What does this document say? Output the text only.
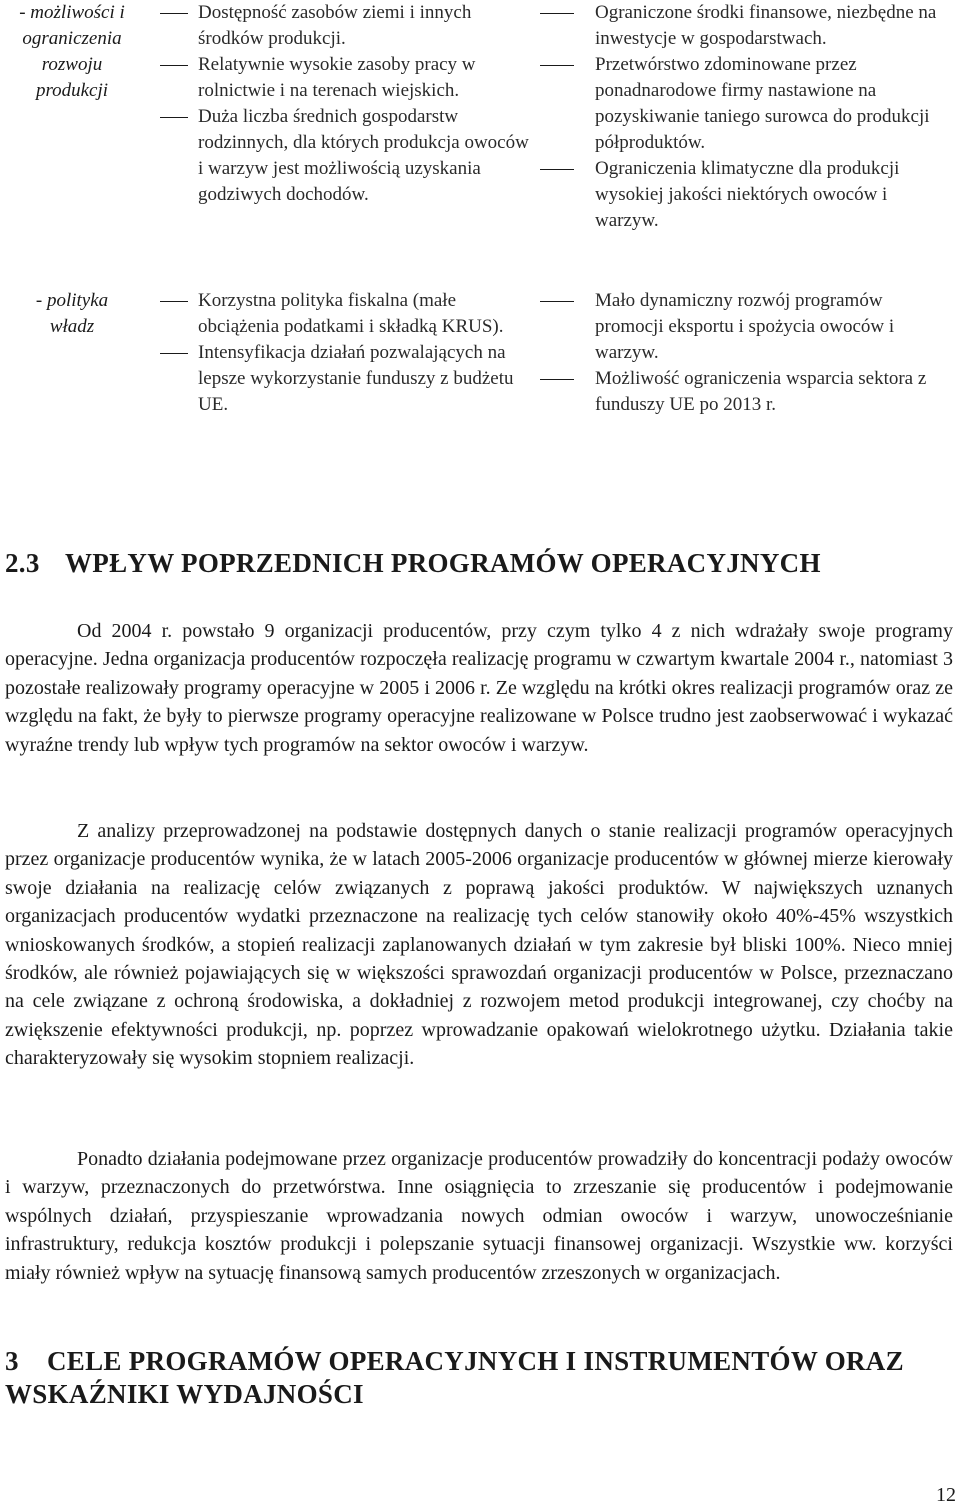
- możliwości i ograniczenia rozwoju produkcji
Dostępność zasobów ziemi i innych środków produkcji.
Relatywnie wysokie zasoby pracy w rolnictwie i na terenach wiejskich.
Duża liczba średnich gospodarstw rodzinnych, dla których produkcja owoców i warzyw jest możliwością uzyskania godziwych dochodów.
Ograniczone środki finansowe, niezbędne na inwestycje w gospodarstwach.
Przetwórstwo zdominowane przez ponadnarodowe firmy nastawione na pozyskiwanie taniego surowca do produkcji półproduktów.
Ograniczenia klimatyczne dla produkcji wysokiej jakości niektórych owoców i warzyw.
- polityka
władz
Korzystna polityka fiskalna (małe obciążenia podatkami i składką KRUS).
Intensyfikacja działań pozwalających na lepsze wykorzystanie funduszy z budżetu UE.
Mało dynamiczny rozwój programów promocji eksportu i spożycia owoców i warzyw.
Możliwość ograniczenia wsparcia sektora z funduszy UE po 2013 r.
2.3 WPŁYW POPRZEDNICH PROGRAMÓW OPERACYJNYCH

Od 2004 r. powstało 9 organizacji producentów, przy czym tylko 4 z nich wdrażały swoje programy operacyjne. Jedna organizacja producentów rozpoczęła realizację programu w czwartym kwartale 2004 r., natomiast 3 pozostałe realizowały programy operacyjne w 2005 i 2006 r. Ze względu na krótki okres realizacji programów oraz ze względu na fakt, że były to pierwsze programy operacyjne realizowane w Polsce trudno jest zaobserwować i wykazać wyraźne trendy lub wpływ tych programów na sektor owoców i warzyw.

Z analizy przeprowadzonej na podstawie dostępnych danych o stanie realizacji programów operacyjnych przez organizacje producentów wynika, że w latach 2005-2006 organizacje producentów w głównej mierze kierowały swoje działania na realizację celów związanych z poprawą jakości produktów. W największych uznanych organizacjach producentów wydatki przeznaczone na realizację tych celów stanowiły około 40%-45% wszystkich wnioskowanych środków, a stopień realizacji zaplanowanych działań w tym zakresie był bliski 100%. Nieco mniej środków, ale również pojawiających się w większości sprawozdań organizacji producentów w Polsce, przeznaczano na cele związane z ochroną środowiska, a dokładniej z rozwojem metod produkcji integrowanej, czy choćby na zwiększenie efektywności produkcji, np. poprzez wprowadzanie opakowań wielokrotnego użytku. Działania takie charakteryzowały się wysokim stopniem realizacji.

Ponadto działania podejmowane przez organizacje producentów prowadziły do koncentracji podaży owoców i warzyw, przeznaczonych do przetwórstwa. Inne osiągnięcia to zrzeszanie się producentów i podejmowanie wspólnych działań, przyspieszanie wprowadzania nowych odmian owoców i warzyw, unowocześnianie infrastruktury, redukcja kosztów produkcji i polepszanie sytuacji finansowej organizacji. Wszystkie ww. korzyści miały również wpływ na sytuację finansową samych producentów zrzeszonych w organizacjach.

3 CELE PROGRAMÓW OPERACYJNYCH I INSTRUMENTÓW ORAZ WSKAŹNIKI WYDAJNOŚCI
12
